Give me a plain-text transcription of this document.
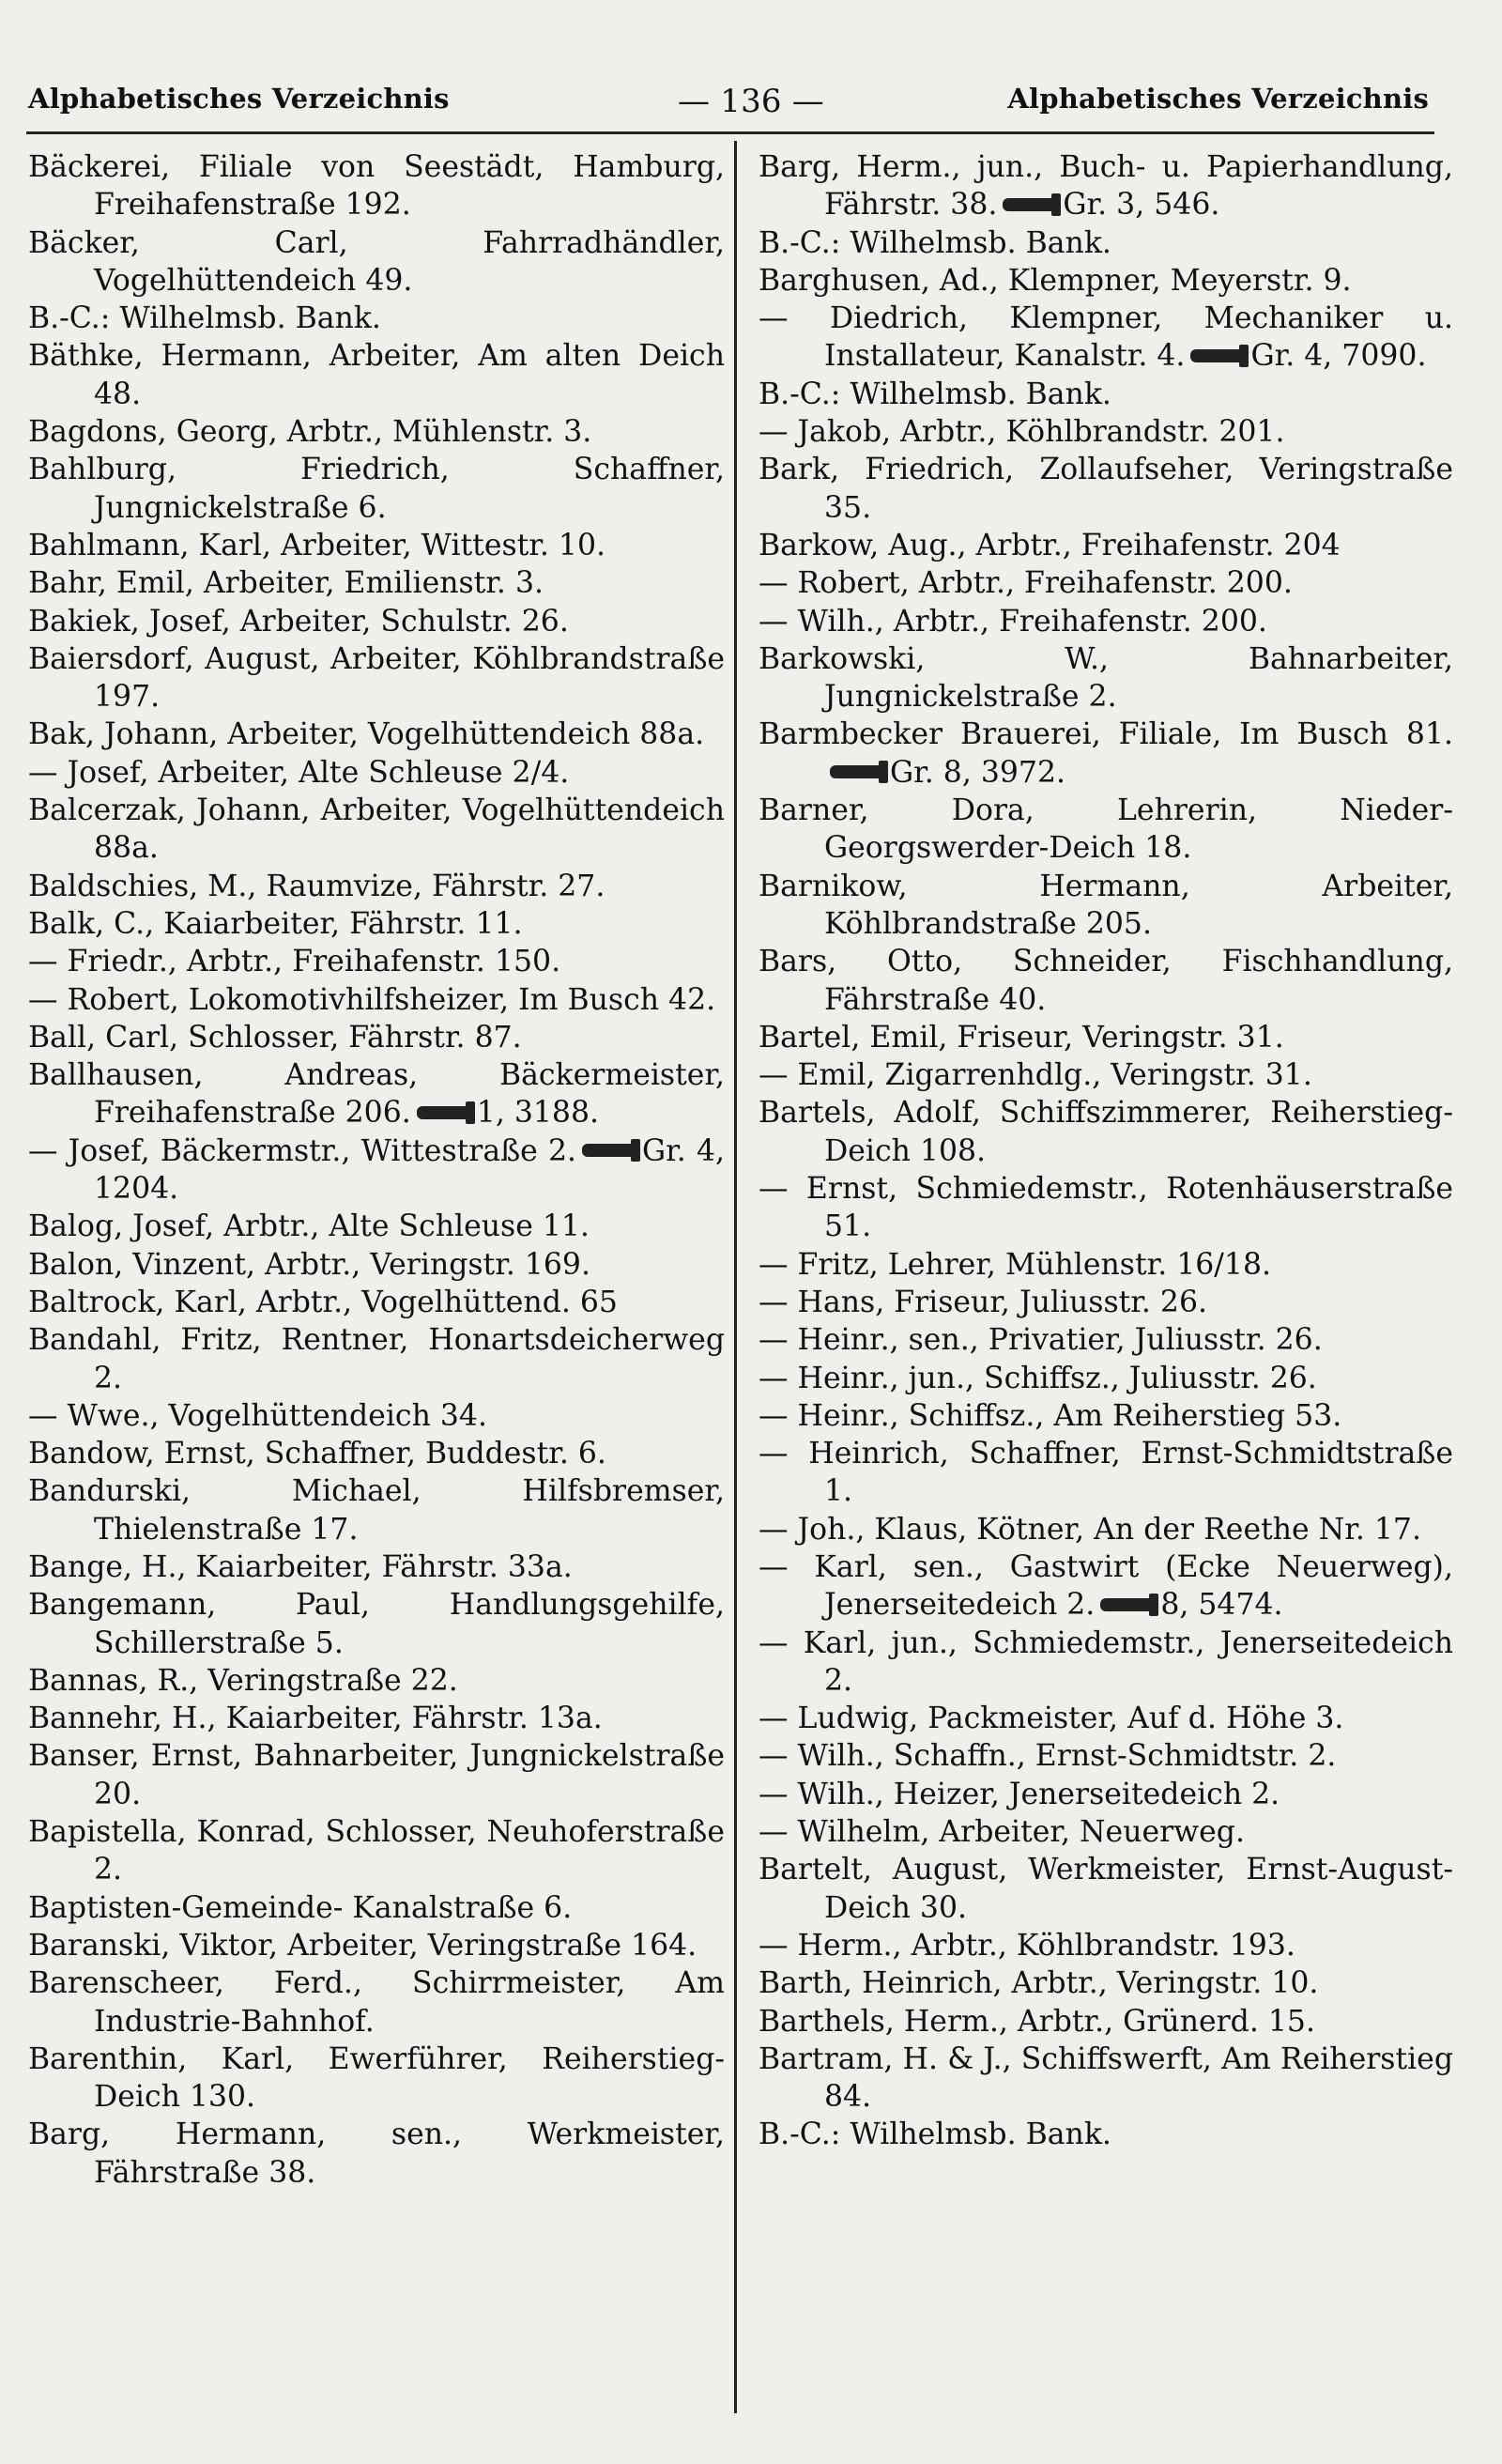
Alphabetisches Verzeichnis	— 136 —	Alphabetisches Verzeichnis
Bäckerei, Filiale von Seestädt, Hamburg, Freihafenstraße 192.
Bäcker, Carl, Fahrradhändler, Vogelhüttendeich 49.
B.-C.: Wilhelmsb. Bank.
Bäthke, Hermann, Arbeiter, Am alten Deich 48.
Bagdons, Georg, Arbtr., Mühlenstr. 3.
Bahlburg, Friedrich, Schaffner, Jungnickelstraße 6.
Bahlmann, Karl, Arbeiter, Wittestr. 10.
Bahr, Emil, Arbeiter, Emilienstr. 3.
Bakiek, Josef, Arbeiter, Schulstr. 26.
Baiersdorf, August, Arbeiter, Köhlbrandstraße 197.
Bak, Johann, Arbeiter, Vogelhüttendeich 88a.
— Josef, Arbeiter, Alte Schleuse 2/4.
Balcerzak, Johann, Arbeiter, Vogelhüttendeich 88a.
Baldschies, M., Raumvize, Fährstr. 27.
Balk, C., Kaiarbeiter, Fährstr. 11.
— Friedr., Arbtr., Freihafenstr. 150.
— Robert, Lokomotivhilfsheizer, Im Busch 42.
Ball, Carl, Schlosser, Fährstr. 87.
Ballhausen, Andreas, Bäckermeister, Freihafenstraße 206. 1, 3188.
— Josef, Bäckermstr., Wittestraße 2. Gr. 4, 1204.
Balog, Josef, Arbtr., Alte Schleuse 11.
Balon, Vinzent, Arbtr., Veringstr. 169.
Baltrock, Karl, Arbtr., Vogelhüttend. 65
Bandahl, Fritz, Rentner, Honartsdeicherweg 2.
— Wwe., Vogelhüttendeich 34.
Bandow, Ernst, Schaffner, Buddestr. 6.
Bandurski, Michael, Hilfsbremser, Thielenstraße 17.
Bange, H., Kaiarbeiter, Fährstr. 33a.
Bangemann, Paul, Handlungsgehilfe, Schillerstraße 5.
Bannas, R., Veringstraße 22.
Bannehr, H., Kaiarbeiter, Fährstr. 13a.
Banser, Ernst, Bahnarbeiter, Jungnickelstraße 20.
Bapistella, Konrad, Schlosser, Neuhoferstraße 2.
Baptisten-Gemeinde- Kanalstraße 6.
Baranski, Viktor, Arbeiter, Veringstraße 164.
Barenscheer, Ferd., Schirrmeister, Am Industrie-Bahnhof.
Barenthin, Karl, Ewerführer, Reiherstieg-Deich 130.
Barg, Hermann, sen., Werkmeister, Fährstraße 38.
Barg, Herm., jun., Buch- u. Papierhandlung, Fährstr. 38. Gr. 3, 546.
B.-C.: Wilhelmsb. Bank.
Barghusen, Ad., Klempner, Meyerstr. 9.
— Diedrich, Klempner, Mechaniker u. Installateur, Kanalstr. 4. Gr. 4, 7090.
B.-C.: Wilhelmsb. Bank.
— Jakob, Arbtr., Köhlbrandstr. 201.
Bark, Friedrich, Zollaufseher, Veringstraße 35.
Barkow, Aug., Arbtr., Freihafenstr. 204
— Robert, Arbtr., Freihafenstr. 200.
— Wilh., Arbtr., Freihafenstr. 200.
Barkowski, W., Bahnarbeiter, Jungnickelstraße 2.
Barmbecker Brauerei, Filiale, Im Busch 81.Gr. 8, 3972.
Barner, Dora, Lehrerin, Nieder-Georgswerder-Deich 18.
Barnikow, Hermann, Arbeiter, Köhlbrandstraße 205.
Bars, Otto, Schneider, Fischhandlung, Fährstraße 40.
Bartel, Emil, Friseur, Veringstr. 31.
— Emil, Zigarrenhdlg., Veringstr. 31.
Bartels, Adolf, Schiffszimmerer, Reiherstieg-Deich 108.
— Ernst, Schmiedemstr., Rotenhäuserstraße 51.
— Fritz, Lehrer, Mühlenstr. 16/18.
— Hans, Friseur, Juliusstr. 26.
— Heinr., sen., Privatier, Juliusstr. 26.
— Heinr., jun., Schiffsz., Juliusstr. 26.
— Heinr., Schiffsz., Am Reiherstieg 53.
— Heinrich, Schaffner, Ernst-Schmidtstraße 1.
— Joh., Klaus, Kötner, An der Reethe Nr. 17.
— Karl, sen., Gastwirt (Ecke Neuerweg), Jenerseitedeich 2. 8, 5474.
— Karl, jun., Schmiedemstr., Jenerseitedeich 2.
— Ludwig, Packmeister, Auf d. Höhe 3.
— Wilh., Schaffn., Ernst-Schmidtstr. 2.
— Wilh., Heizer, Jenerseitedeich 2.
— Wilhelm, Arbeiter, Neuerweg.
Bartelt, August, Werkmeister, Ernst-August-Deich 30.
— Herm., Arbtr., Köhlbrandstr. 193.
Barth, Heinrich, Arbtr., Veringstr. 10.
Barthels, Herm., Arbtr., Grünerd. 15.
Bartram, H. & J., Schiffswerft, Am Reiherstieg 84.
B.-C.: Wilhelmsb. Bank.
